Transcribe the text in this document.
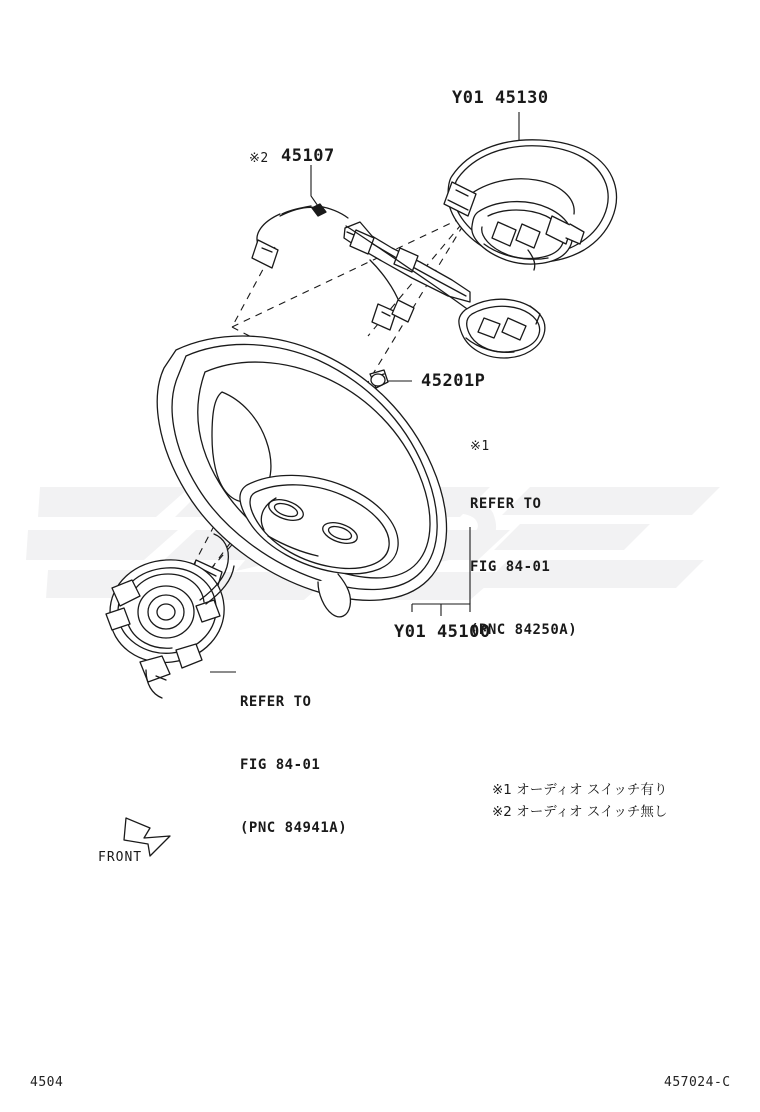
Y01 45130
※2 45107
45201P
Y01 45100
※1

REFER TO

FIG 84-01

(PNC 84250A)

REFER TO

FIG 84-01

(PNC 84941A)

※1 オーディオ スイッチ有り
※2 オーディオ スイッチ無し
FRONT
4504	457024-C
